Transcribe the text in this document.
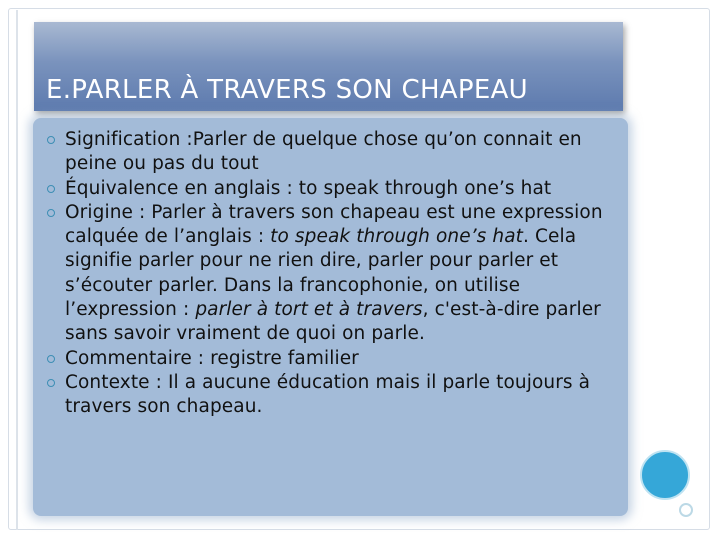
E.PARLER À TRAVERS SON CHAPEAU
Signification :Parler de quelque chose qu’on connait en peine ou pas du tout
Équivalence en anglais : to speak through one’s hat
Origine : Parler à travers son chapeau est une expression calquée de l’anglais : to speak through one’s hat. Cela signifie parler pour ne rien dire, parler pour parler et s’écouter parler. Dans la francophonie, on utilise l’expression : parler à tort et à travers, c'est-à-dire parler sans savoir vraiment de quoi on parle.
Commentaire : registre familier
Contexte : Il a aucune éducation mais il parle toujours à travers son chapeau.
